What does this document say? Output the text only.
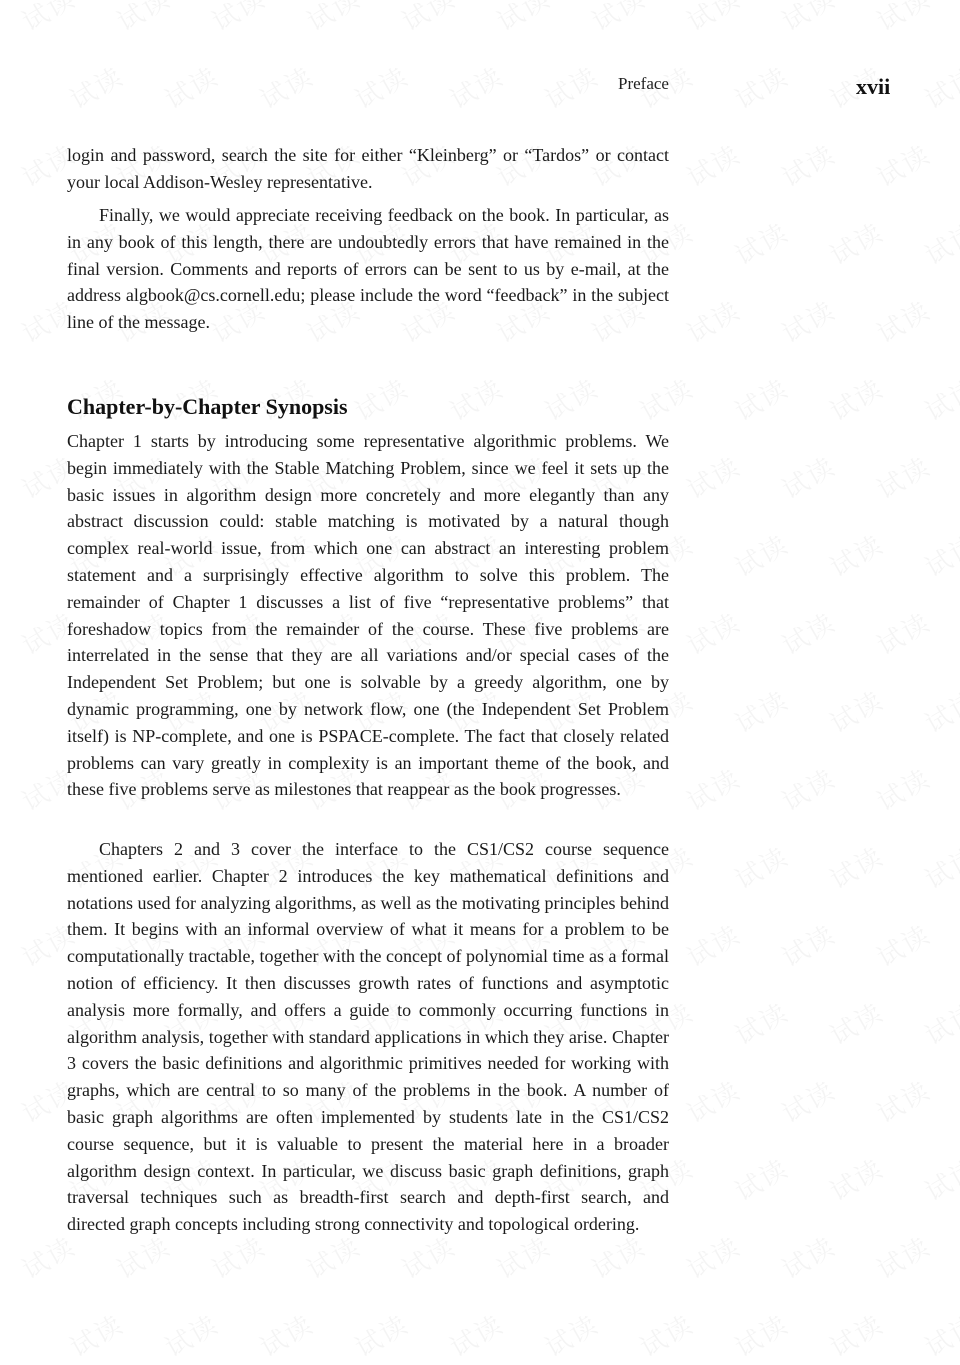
Preface	xvii

login and password, search the site for either “Kleinberg” or “Tardos” or contact your local Addison-Wesley representative.

Finally, we would appreciate receiving feedback on the book. In particular, as in any book of this length, there are undoubtedly errors that have remained in the final version. Comments and reports of errors can be sent to us by e-mail, at the address algbook@cs.cornell.edu; please include the word “feedback” in the subject line of the message.

Chapter-by-Chapter Synopsis

Chapter 1 starts by introducing some representative algorithmic problems. We begin immediately with the Stable Matching Problem, since we feel it sets up the basic issues in algorithm design more concretely and more elegantly than any abstract discussion could: stable matching is motivated by a natural though complex real-world issue, from which one can abstract an interesting problem statement and a surprisingly effective algorithm to solve this problem. The remainder of Chapter 1 discusses a list of five “representative problems” that foreshadow topics from the remainder of the course. These five problems are interrelated in the sense that they are all variations and/or special cases of the Independent Set Problem; but one is solvable by a greedy algorithm, one by dynamic programming, one by network flow, one (the Independent Set Problem itself) is NP-complete, and one is PSPACE-complete. The fact that closely related problems can vary greatly in complexity is an important theme of the book, and these five problems serve as milestones that reappear as the book progresses.

Chapters 2 and 3 cover the interface to the CS1/CS2 course sequence mentioned earlier. Chapter 2 introduces the key mathematical definitions and notations used for analyzing algorithms, as well as the motivating principles behind them. It begins with an informal overview of what it means for a problem to be computationally tractable, together with the concept of polynomial time as a formal notion of efficiency. It then discusses growth rates of functions and asymptotic analysis more formally, and offers a guide to commonly occurring functions in algorithm analysis, together with standard applications in which they arise. Chapter 3 covers the basic definitions and algorithmic primitives needed for working with graphs, which are central to so many of the problems in the book. A number of basic graph algorithms are often implemented by students late in the CS1/CS2 course sequence, but it is valuable to present the material here in a broader algorithm design context. In particular, we discuss basic graph definitions, graph traversal techniques such as breadth-first search and depth-first search, and directed graph concepts including strong connectivity and topological ordering.
